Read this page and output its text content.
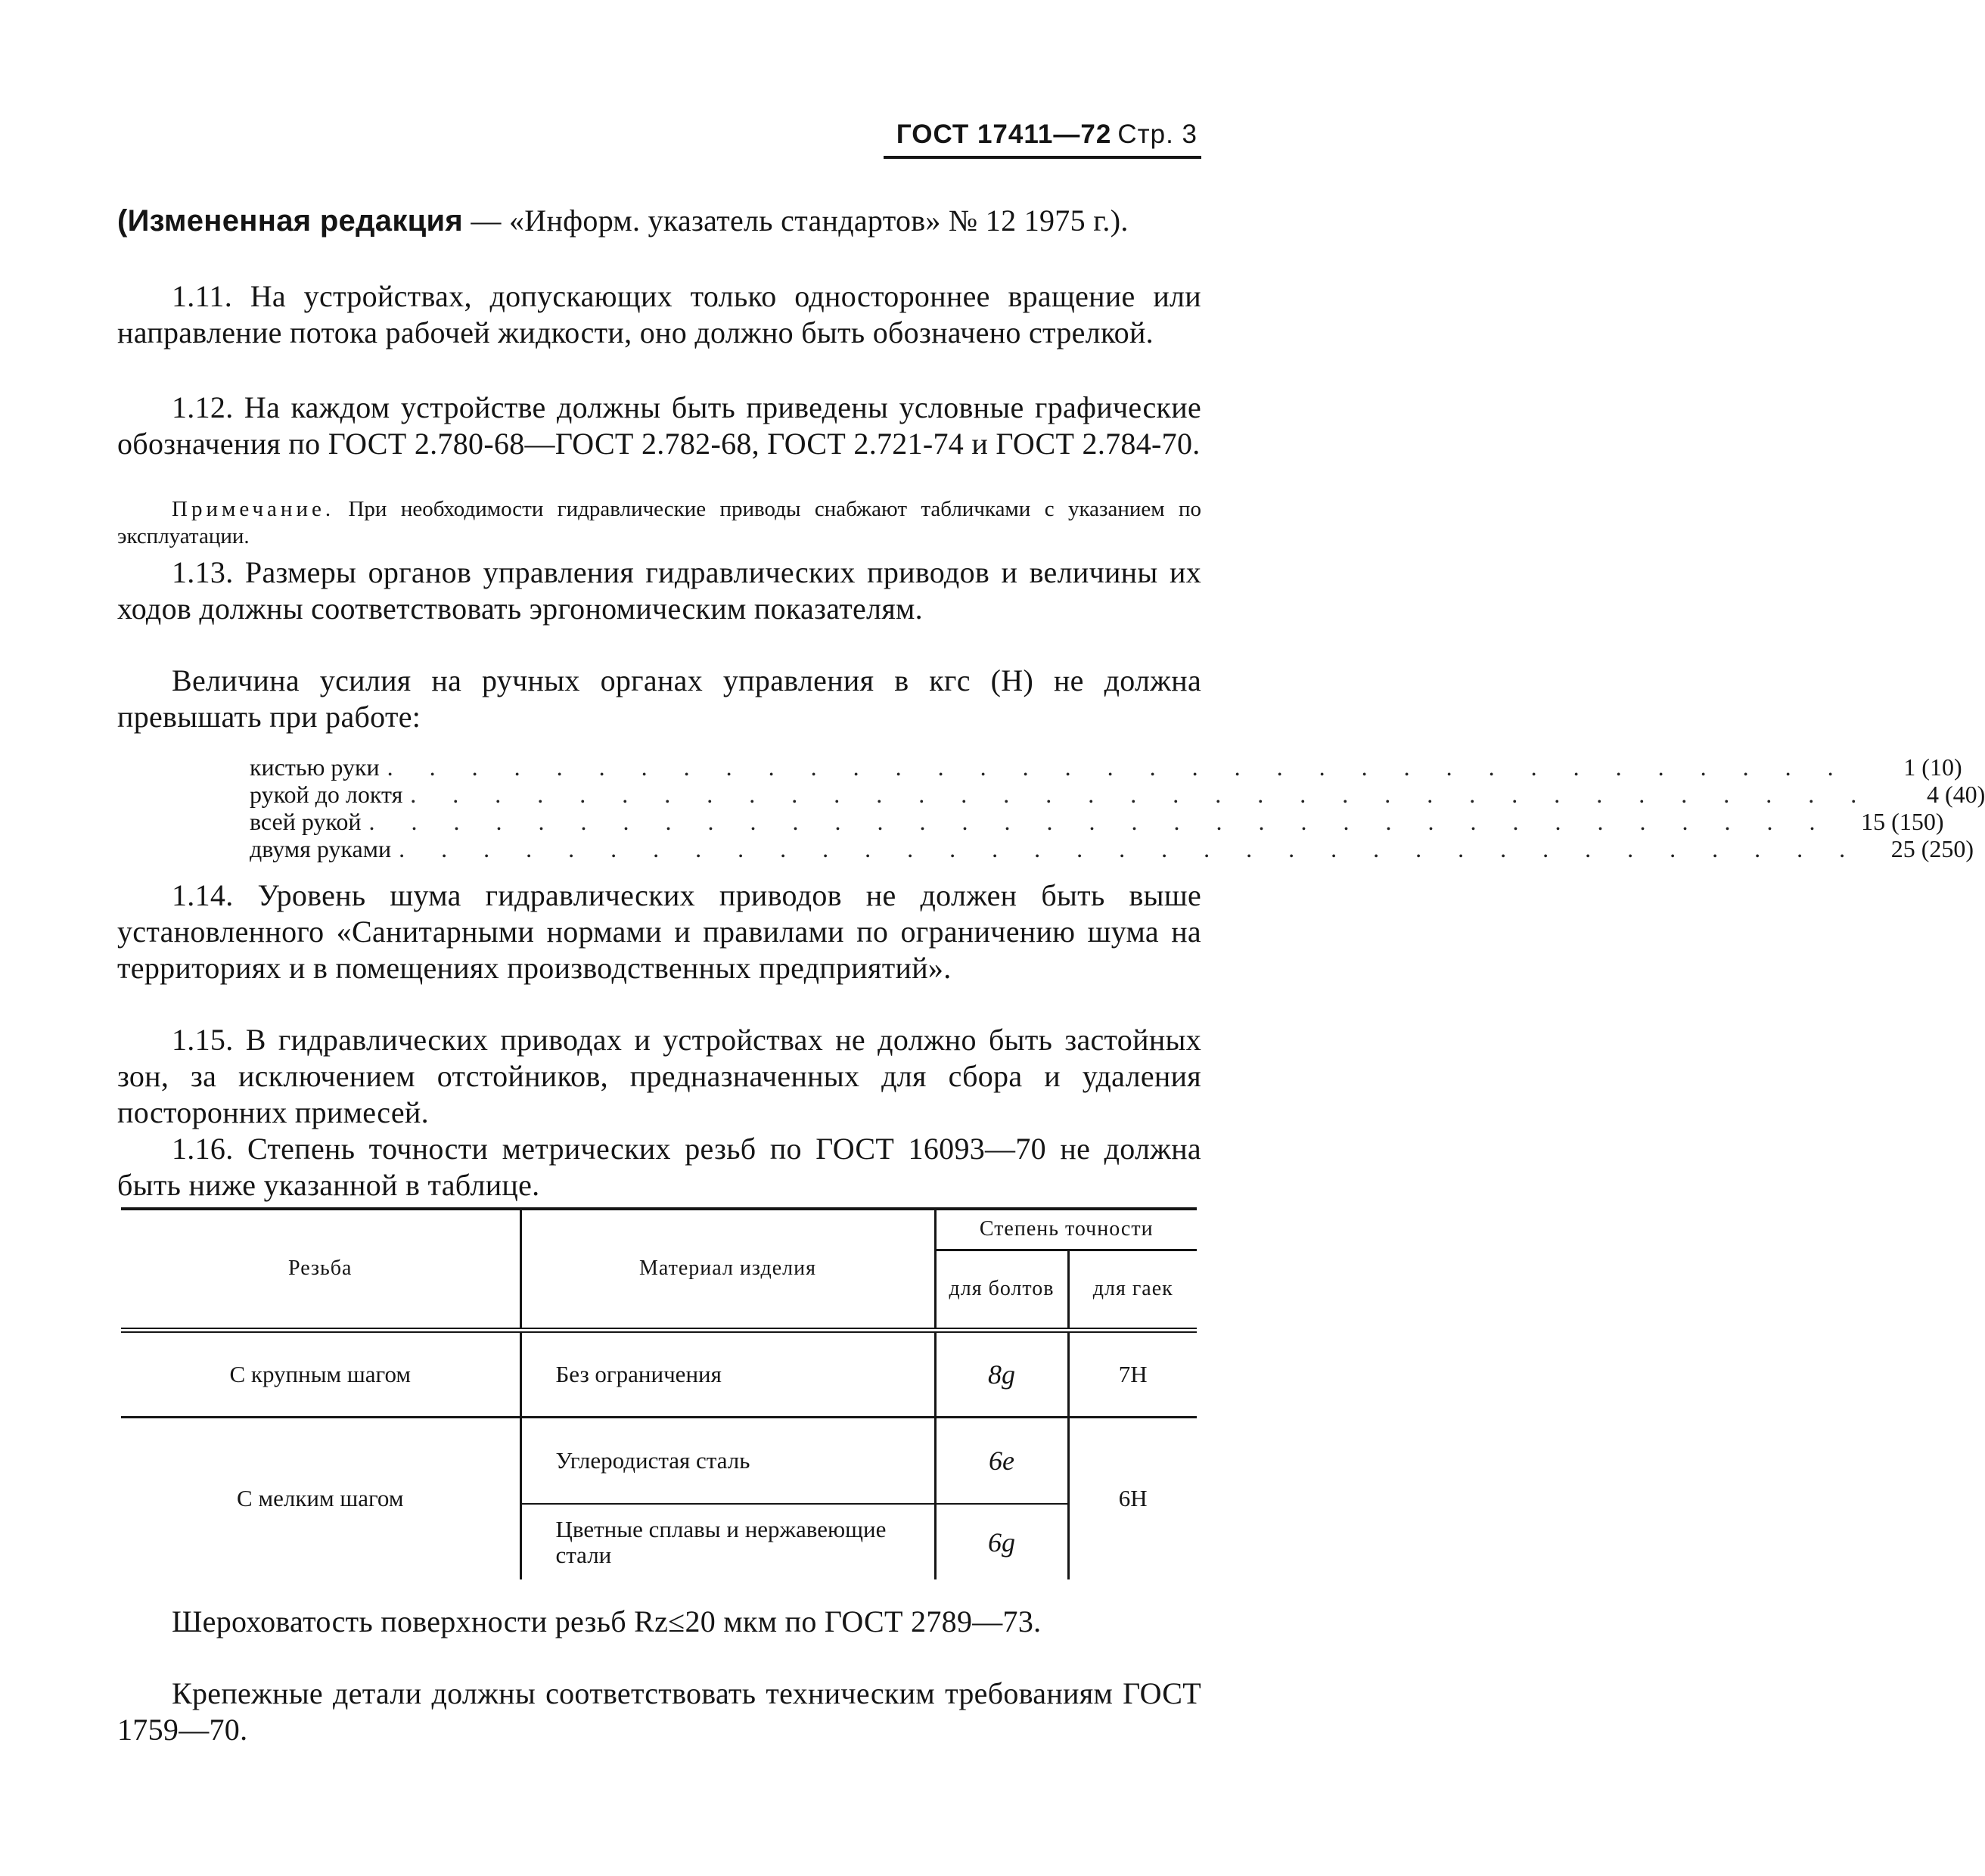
ГОСТ 17411—72 Стр. 3

(Измененная редакция — «Информ. указатель стандартов» № 12 1975 г.).

1.11. На устройствах, допускающих только одностороннее вращение или направление потока рабочей жидкости, оно должно быть обозначено стрелкой.

1.12. На каждом устройстве должны быть приведены условные графические обозначения по ГОСТ 2.780-68—ГОСТ 2.782-68, ГОСТ 2.721-74 и ГОСТ 2.784-70.

Примечание. При необходимости гидравлические приводы снабжают табличками с указанием по эксплуатации.

1.13. Размеры органов управления гидравлических приводов и величины их ходов должны соответствовать эргономическим показателям.

Величина усилия на ручных органах управления в кгс (Н) не должна превышать при работе:

кистью руки . . . . . . . . . . . . . . . . . . . . . . . . . . . . . . . . . . .	1 (10)
рукой до локтя . . . . . . . . . . . . . . . . . . . . . . . . . . . . . . . . . . .	4 (40)
всей рукой . . . . . . . . . . . . . . . . . . . . . . . . . . . . . . . . . . .	15 (150)
двумя руками . . . . . . . . . . . . . . . . . . . . . . . . . . . . . . . . . . .	25 (250)

1.14. Уровень шума гидравлических приводов не должен быть выше установленного «Санитарными нормами и правилами по ограничению шума на территориях и в помещениях производственных предприятий».

1.15. В гидравлических приводах и устройствах не должно быть застойных зон, за исключением отстойников, предназначенных для сбора и удаления посторонних примесей.

1.16. Степень точности метрических резьб по ГОСТ 16093—70 не должна быть ниже указанной в таблице.

Резьба	Материал изделия	Степень точности	
		для болтов	для гаек
С крупным шагом	Без ограничения	8g	7H
С мелким шагом	Углеродистая сталь	6e	6H
	Цветные сплавы и нержавеющие стали	6g	

Шероховатость поверхности резьб Rz≤20 мкм по ГОСТ 2789—73.

Крепежные детали должны соответствовать техническим требованиям ГОСТ 1759—70.
